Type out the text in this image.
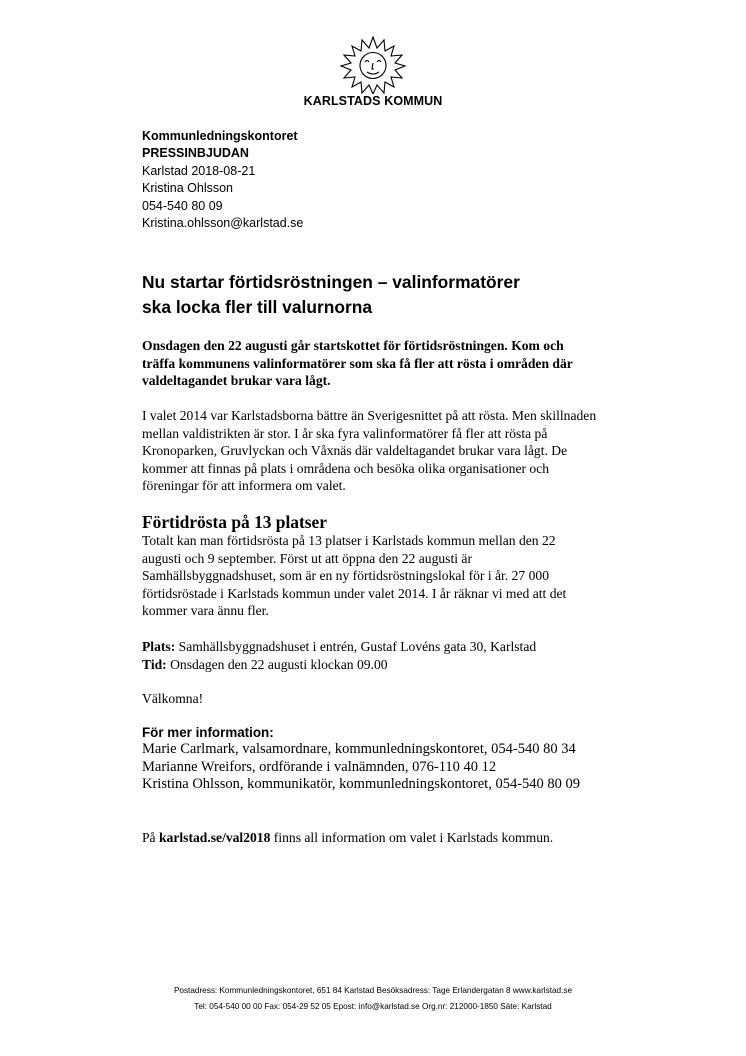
KARLSTADS KOMMUN
Kommunledningskontoret
PRESSINBJUDAN
Karlstad 2018-08-21
Kristina Ohlsson
054-540 80 09
Kristina.ohlsson@karlstad.se
Nu startar förtidsröstningen – valinformatörer
ska locka fler till valurnorna
Onsdagen den 22 augusti går startskottet för förtidsröstningen. Kom och
träffa kommunens valinformatörer som ska få fler att rösta i områden där
valdeltagandet brukar vara lågt.
I valet 2014 var Karlstadsborna bättre än Sverigesnittet på att rösta. Men skillnaden
mellan valdistrikten är stor. I år ska fyra valinformatörer få fler att rösta på
Kronoparken, Gruvlyckan och Våxnäs där valdeltagandet brukar vara lågt. De
kommer att finnas på plats i områdena och besöka olika organisationer och
föreningar för att informera om valet.
Förtidrösta på 13 platser
Totalt kan man förtidsrösta på 13 platser i Karlstads kommun mellan den 22
augusti och 9 september. Först ut att öppna den 22 augusti är
Samhällsbyggnadshuset, som är en ny förtidsröstningslokal för i år. 27 000
förtidsröstade i Karlstads kommun under valet 2014. I år räknar vi med att det
kommer vara ännu fler.
Plats: Samhällsbyggnadshuset i entrén, Gustaf Lovéns gata 30, Karlstad
Tid: Onsdagen den 22 augusti klockan 09.00
Välkomna!
För mer information:
Marie Carlmark, valsamordnare, kommunledningskontoret, 054-540 80 34
Marianne Wreifors, ordförande i valnämnden, 076-110 40 12
Kristina Ohlsson, kommunikatör, kommunledningskontoret, 054-540 80 09
På karlstad.se/val2018 finns all information om valet i Karlstads kommun.
Postadress: Kommunledningskontoret, 651 84 Karlstad Besöksadress: Tage Erlandergatan 8 www.karlstad.se
Tel: 054-540 00 00 Fax: 054-29 52 05 Epost: info@karlstad.se Org.nr: 212000-1850 Säte: Karlstad
